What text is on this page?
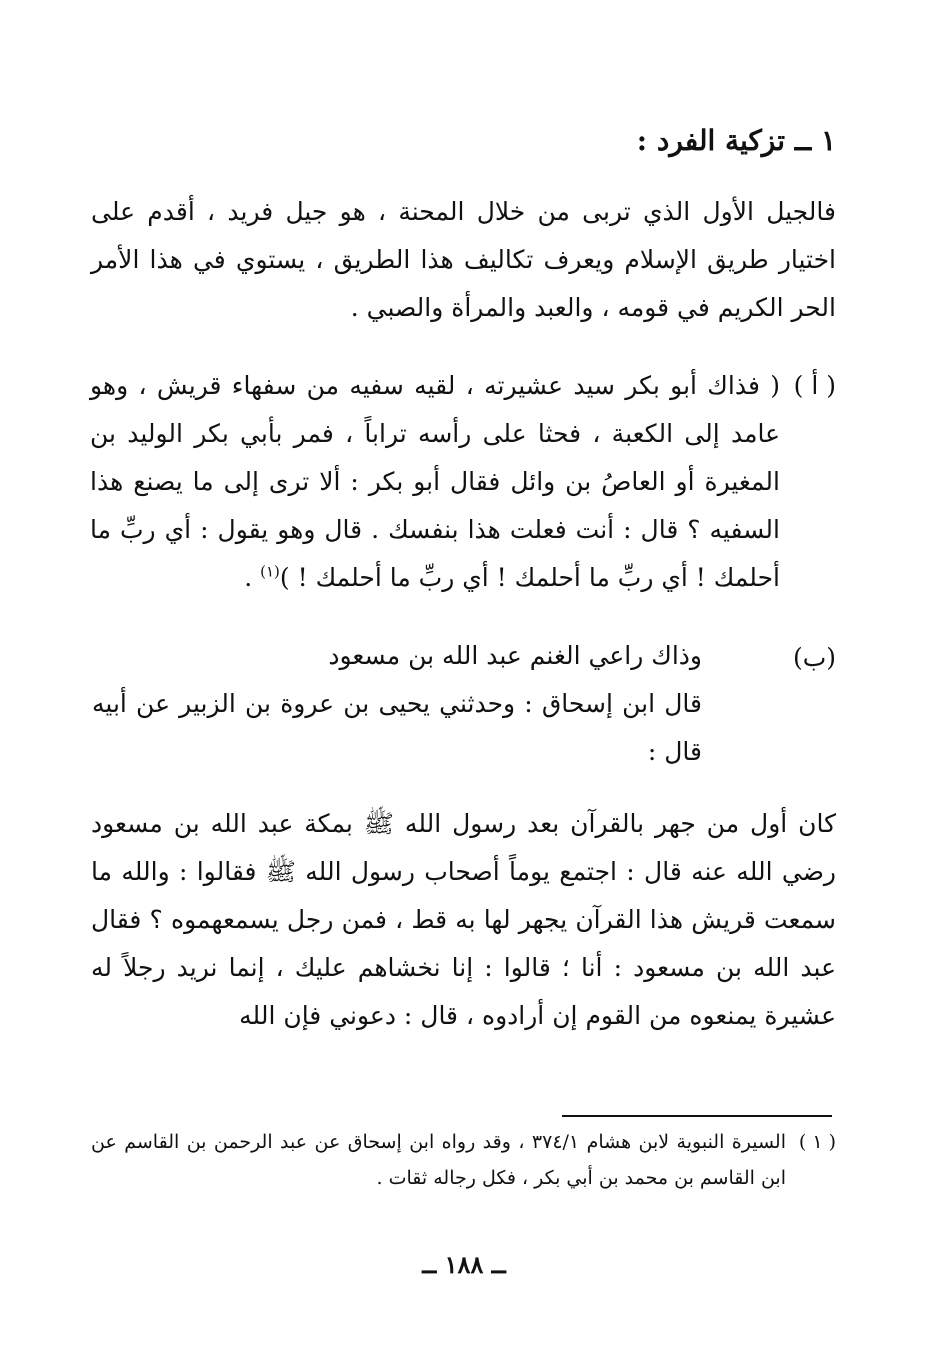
١ ــ تزكية الفرد :
فالجيل الأول الذي تربى من خلال المحنة ، هو جيل فريد ، أقدم على اختيار طريق الإسلام ويعرف تكاليف هذا الطريق ، يستوي في هذا الأمر الحر الكريم في قومه ، والعبد والمرأة والصبي .
( أ )
( فذاك أبو بكر سيد عشيرته ، لقيه سفيه من سفهاء قريش ، وهو عامد إلى الكعبة ، فحثا على رأسه تراباً ، فمر بأبي بكر الوليد بن المغيرة أو العاصُ بن وائل فقال أبو بكر : ألا ترى إلى ما يصنع هذا السفيه ؟ قال : أنت فعلت هذا بنفسك . قال وهو يقول : أي ربِّ ما أحلمك ! أي ربِّ ما أحلمك ! أي ربِّ ما أحلمك ! )$^{(١)}$ .
(ب)
وذاك راعي الغنم عبد الله بن مسعود
قال ابن إسحاق : وحدثني يحيى بن عروة بن الزبير عن أبيه قال :
كان أول من جهر بالقرآن بعد رسول الله ﷺ بمكة عبد الله بن مسعود رضي الله عنه قال : اجتمع يوماً أصحاب رسول الله ﷺ فقالوا : والله ما سمعت قريش هذا القرآن يجهر لها به قط ، فمن رجل يسمعهموه ؟ فقال عبد الله بن مسعود : أنا ؛ قالوا : إنا نخشاهم عليك ، إنما نريد رجلاً له عشيرة يمنعوه من القوم إن أرادوه ، قال : دعوني فإن الله
( ١ )
السيرة النبوية لابن هشام ٣٧٤/١ ، وقد رواه ابن إسحاق عن عبد الرحمن بن القاسم عن ابن القاسم بن محمد بن أبي بكر ، فكل رجاله ثقات .
ــ ١٨٨ ــ
